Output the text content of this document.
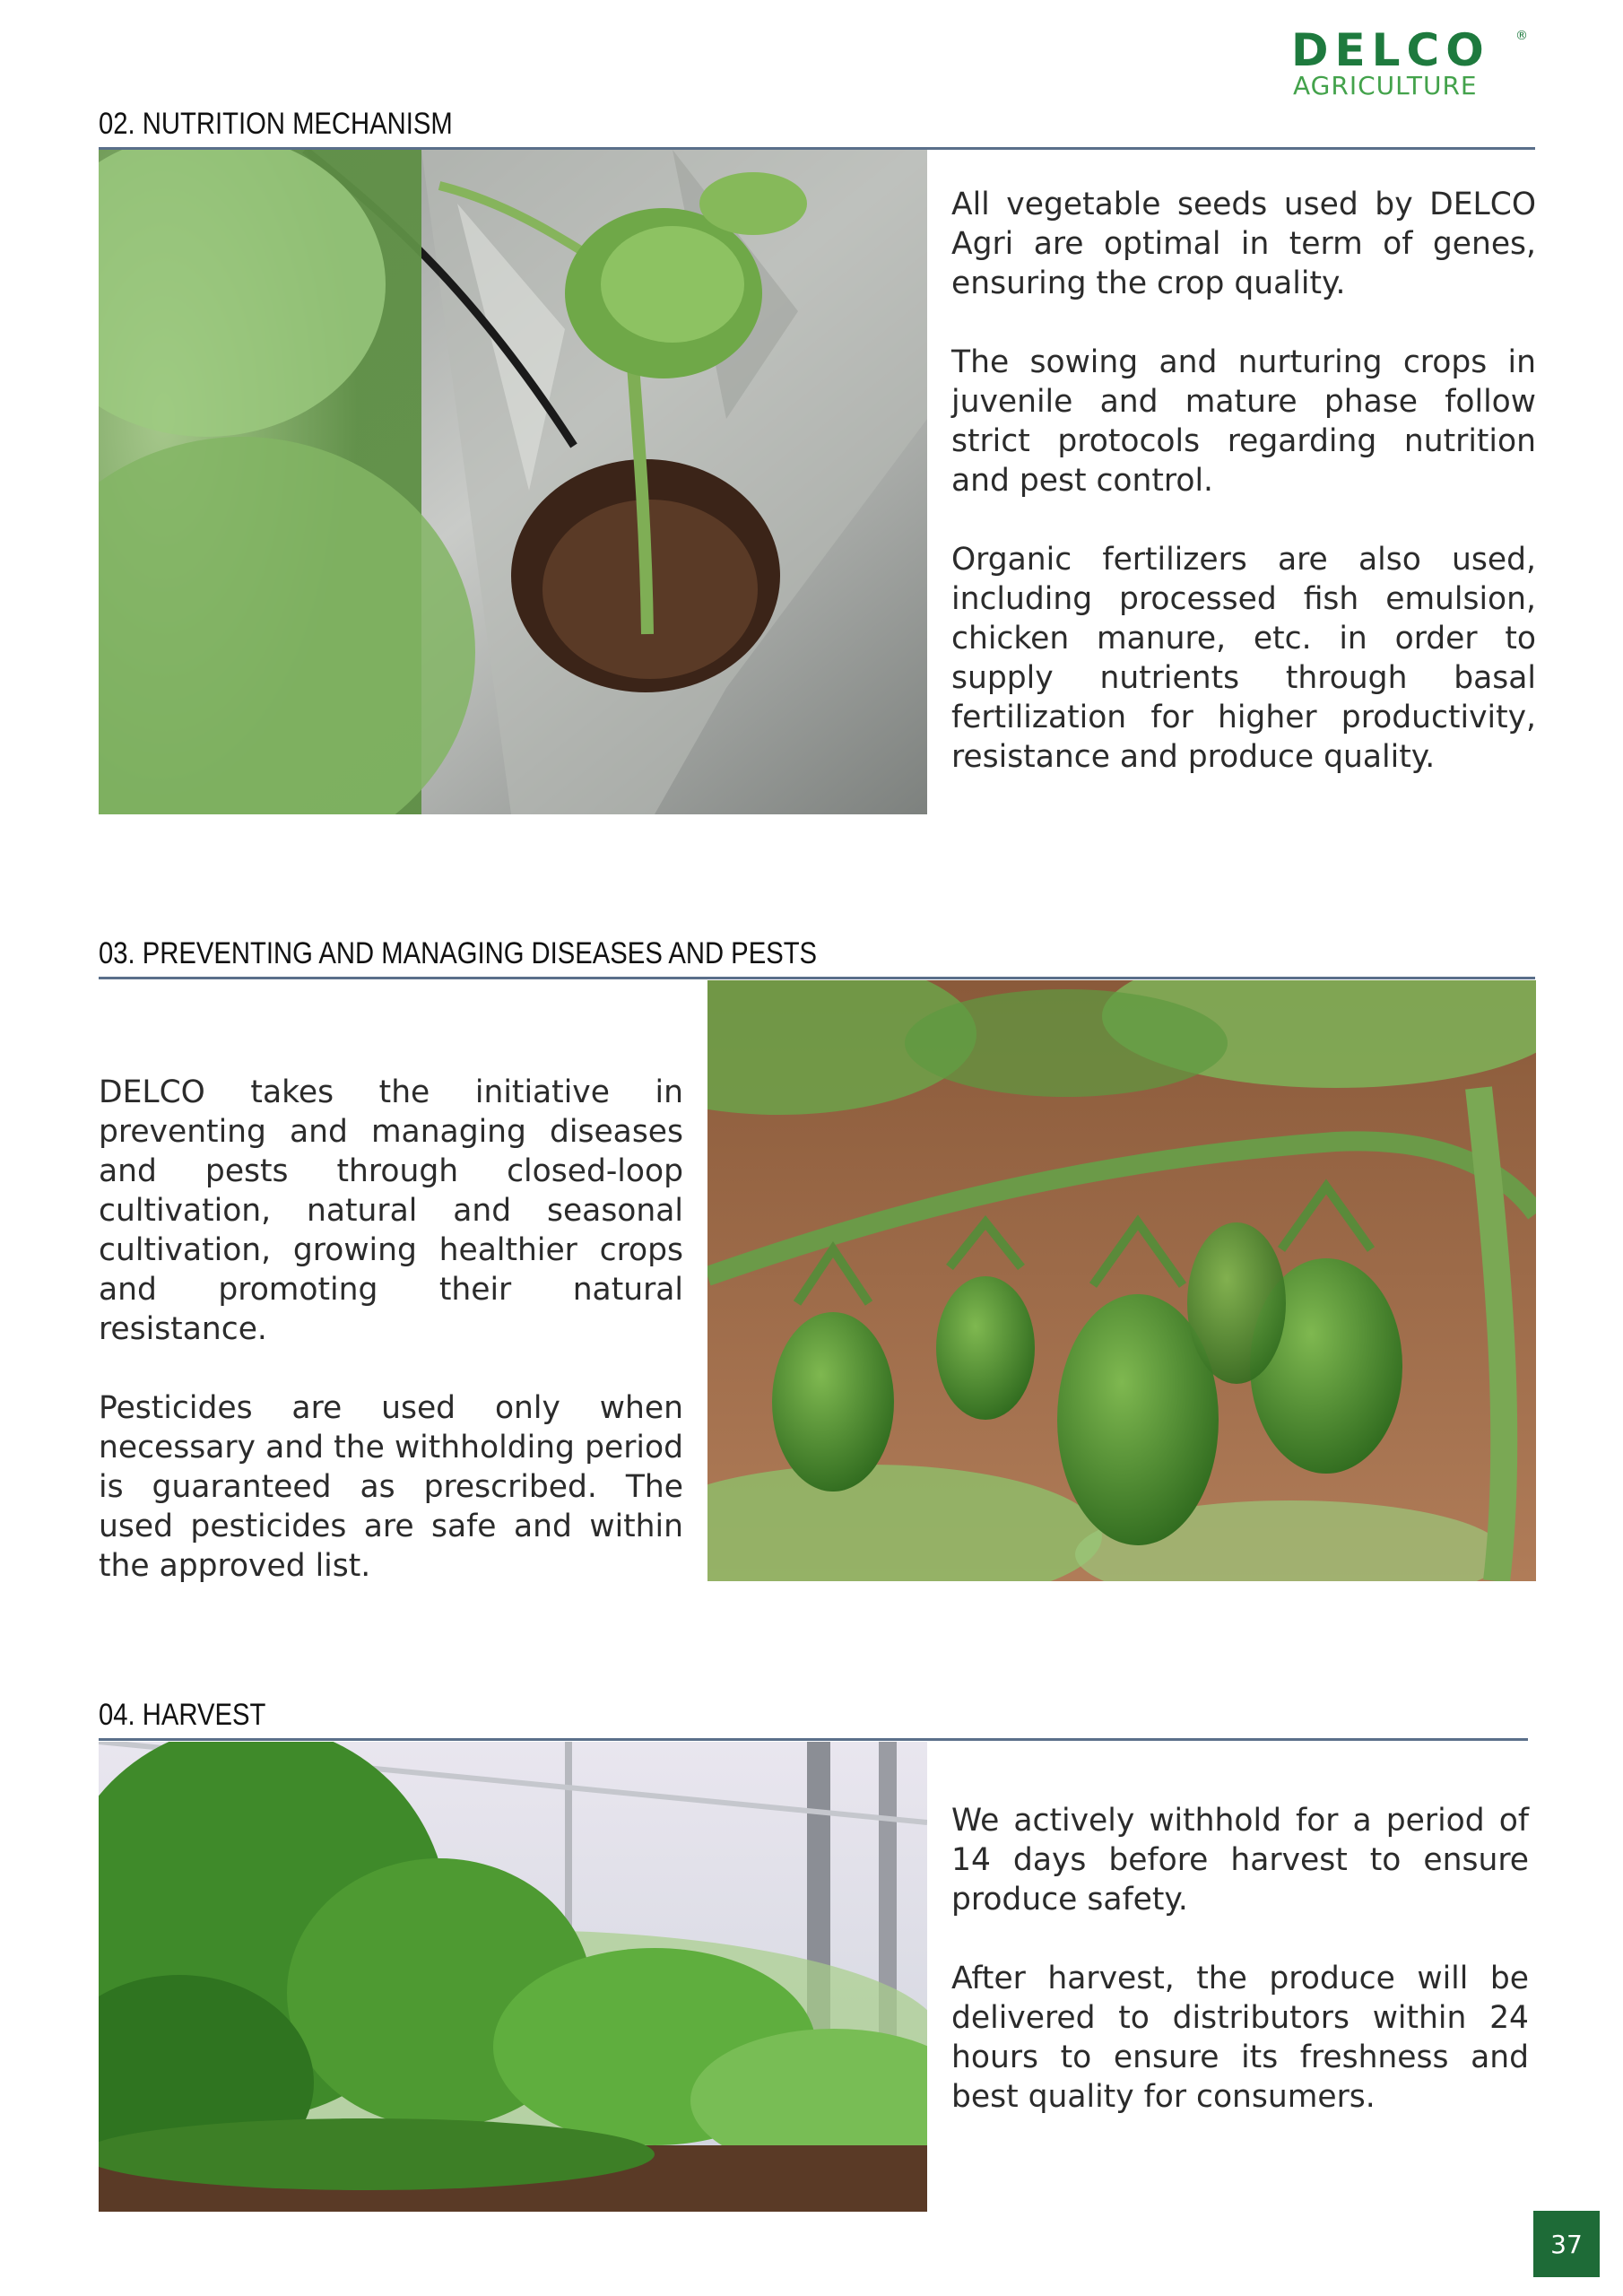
DELCO ®
AGRICULTURE
02. NUTRITION MECHANISM

All vegetable seeds used by DELCO Agri are optimal in term of genes, ensuring the crop quality.

The sowing and nurturing crops in juvenile and mature phase follow strict protocols regarding nutrition and pest control.

Organic fertilizers are also used, including processed fish emulsion, chicken manure, etc. in order to supply nutrients through basal fertilization for higher productivity, resistance and produce quality.

03. PREVENTING AND MANAGING DISEASES AND PESTS

DELCO takes the initiative in preventing and managing diseases and pests through closed-loop cultivation, natural and seasonal cultivation, growing healthier crops and promoting their natural resistance.

Pesticides are used only when necessary and the withholding period is guaranteed as prescribed. The used pesticides are safe and within the approved list.

04. HARVEST

We actively withhold for a period of 14 days before harvest to ensure produce safety.

After harvest, the produce will be delivered to distributors within 24 hours to ensure its freshness and best quality for consumers.

37
